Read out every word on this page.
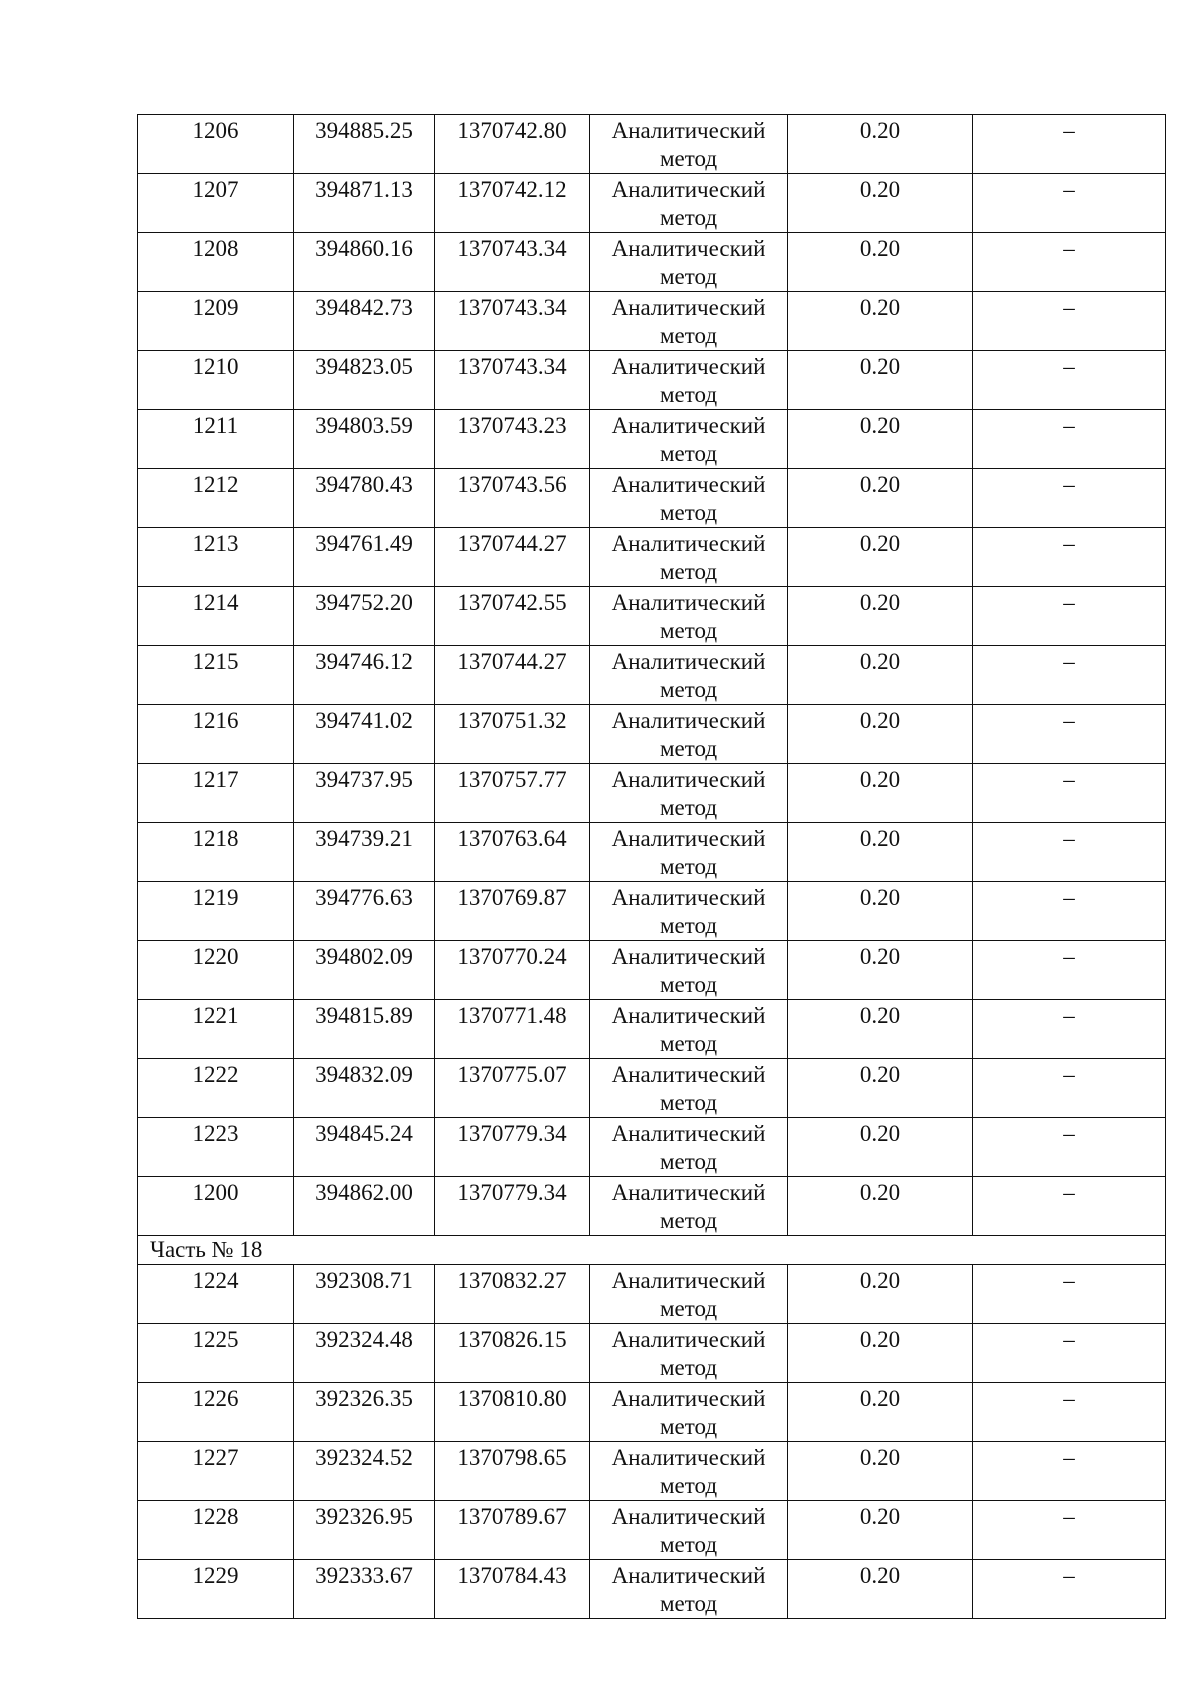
1206	394885.25	1370742.80	Аналитический метод	0.20	–
1207	394871.13	1370742.12	Аналитический метод	0.20	–
1208	394860.16	1370743.34	Аналитический метод	0.20	–
1209	394842.73	1370743.34	Аналитический метод	0.20	–
1210	394823.05	1370743.34	Аналитический метод	0.20	–
1211	394803.59	1370743.23	Аналитический метод	0.20	–
1212	394780.43	1370743.56	Аналитический метод	0.20	–
1213	394761.49	1370744.27	Аналитический метод	0.20	–
1214	394752.20	1370742.55	Аналитический метод	0.20	–
1215	394746.12	1370744.27	Аналитический метод	0.20	–
1216	394741.02	1370751.32	Аналитический метод	0.20	–
1217	394737.95	1370757.77	Аналитический метод	0.20	–
1218	394739.21	1370763.64	Аналитический метод	0.20	–
1219	394776.63	1370769.87	Аналитический метод	0.20	–
1220	394802.09	1370770.24	Аналитический метод	0.20	–
1221	394815.89	1370771.48	Аналитический метод	0.20	–
1222	394832.09	1370775.07	Аналитический метод	0.20	–
1223	394845.24	1370779.34	Аналитический метод	0.20	–
1200	394862.00	1370779.34	Аналитический метод	0.20	–
Часть № 18					
1224	392308.71	1370832.27	Аналитический метод	0.20	–
1225	392324.48	1370826.15	Аналитический метод	0.20	–
1226	392326.35	1370810.80	Аналитический метод	0.20	–
1227	392324.52	1370798.65	Аналитический метод	0.20	–
1228	392326.95	1370789.67	Аналитический метод	0.20	–
1229	392333.67	1370784.43	Аналитический метод	0.20	–
